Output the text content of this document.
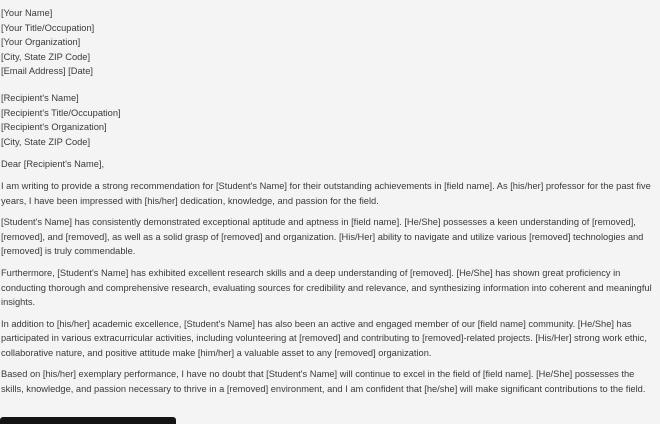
[Your Name]
[Your Title/Occupation]
[Your Organization]
[City, State ZIP Code]
[Email Address] [Date]
[Recipient's Name]
[Recipient's Title/Occupation]
[Recipient's Organization]
[City, State ZIP Code]
Dear [Recipient's Name],

I am writing to provide a strong recommendation for [Student's Name] for their outstanding achievements in [field name]. As [his/her] professor for the past five years, I have been impressed with [his/her] dedication, knowledge, and passion for the field.

[Student's Name] has consistently demonstrated exceptional aptitude and aptness in [field name]. [He/She] possesses a keen understanding of [removed], [removed], and [removed], as well as a solid grasp of [removed] and organization. [His/Her] ability to navigate and utilize various [removed] technologies and [removed] is truly commendable.

Furthermore, [Student's Name] has exhibited excellent research skills and a deep understanding of [removed]. [He/She] has shown great proficiency in conducting thorough and comprehensive research, evaluating sources for credibility and relevance, and synthesizing information into coherent and meaningful insights.

In addition to [his/her] academic excellence, [Student's Name] has also been an active and engaged member of our [field name] community. [He/She] has participated in various extracurricular activities, including volunteering at [removed] and contributing to [removed]-related projects. [His/Her] strong work ethic, collaborative nature, and positive attitude make [him/her] a valuable asset to any [removed] organization.

Based on [his/her] exemplary performance, I have no doubt that [Student's Name] will continue to excel in the field of [field name]. [He/She] possesses the skills, knowledge, and passion necessary to thrive in a [removed] environment, and I am confident that [he/she] will make significant contributions to the field.
